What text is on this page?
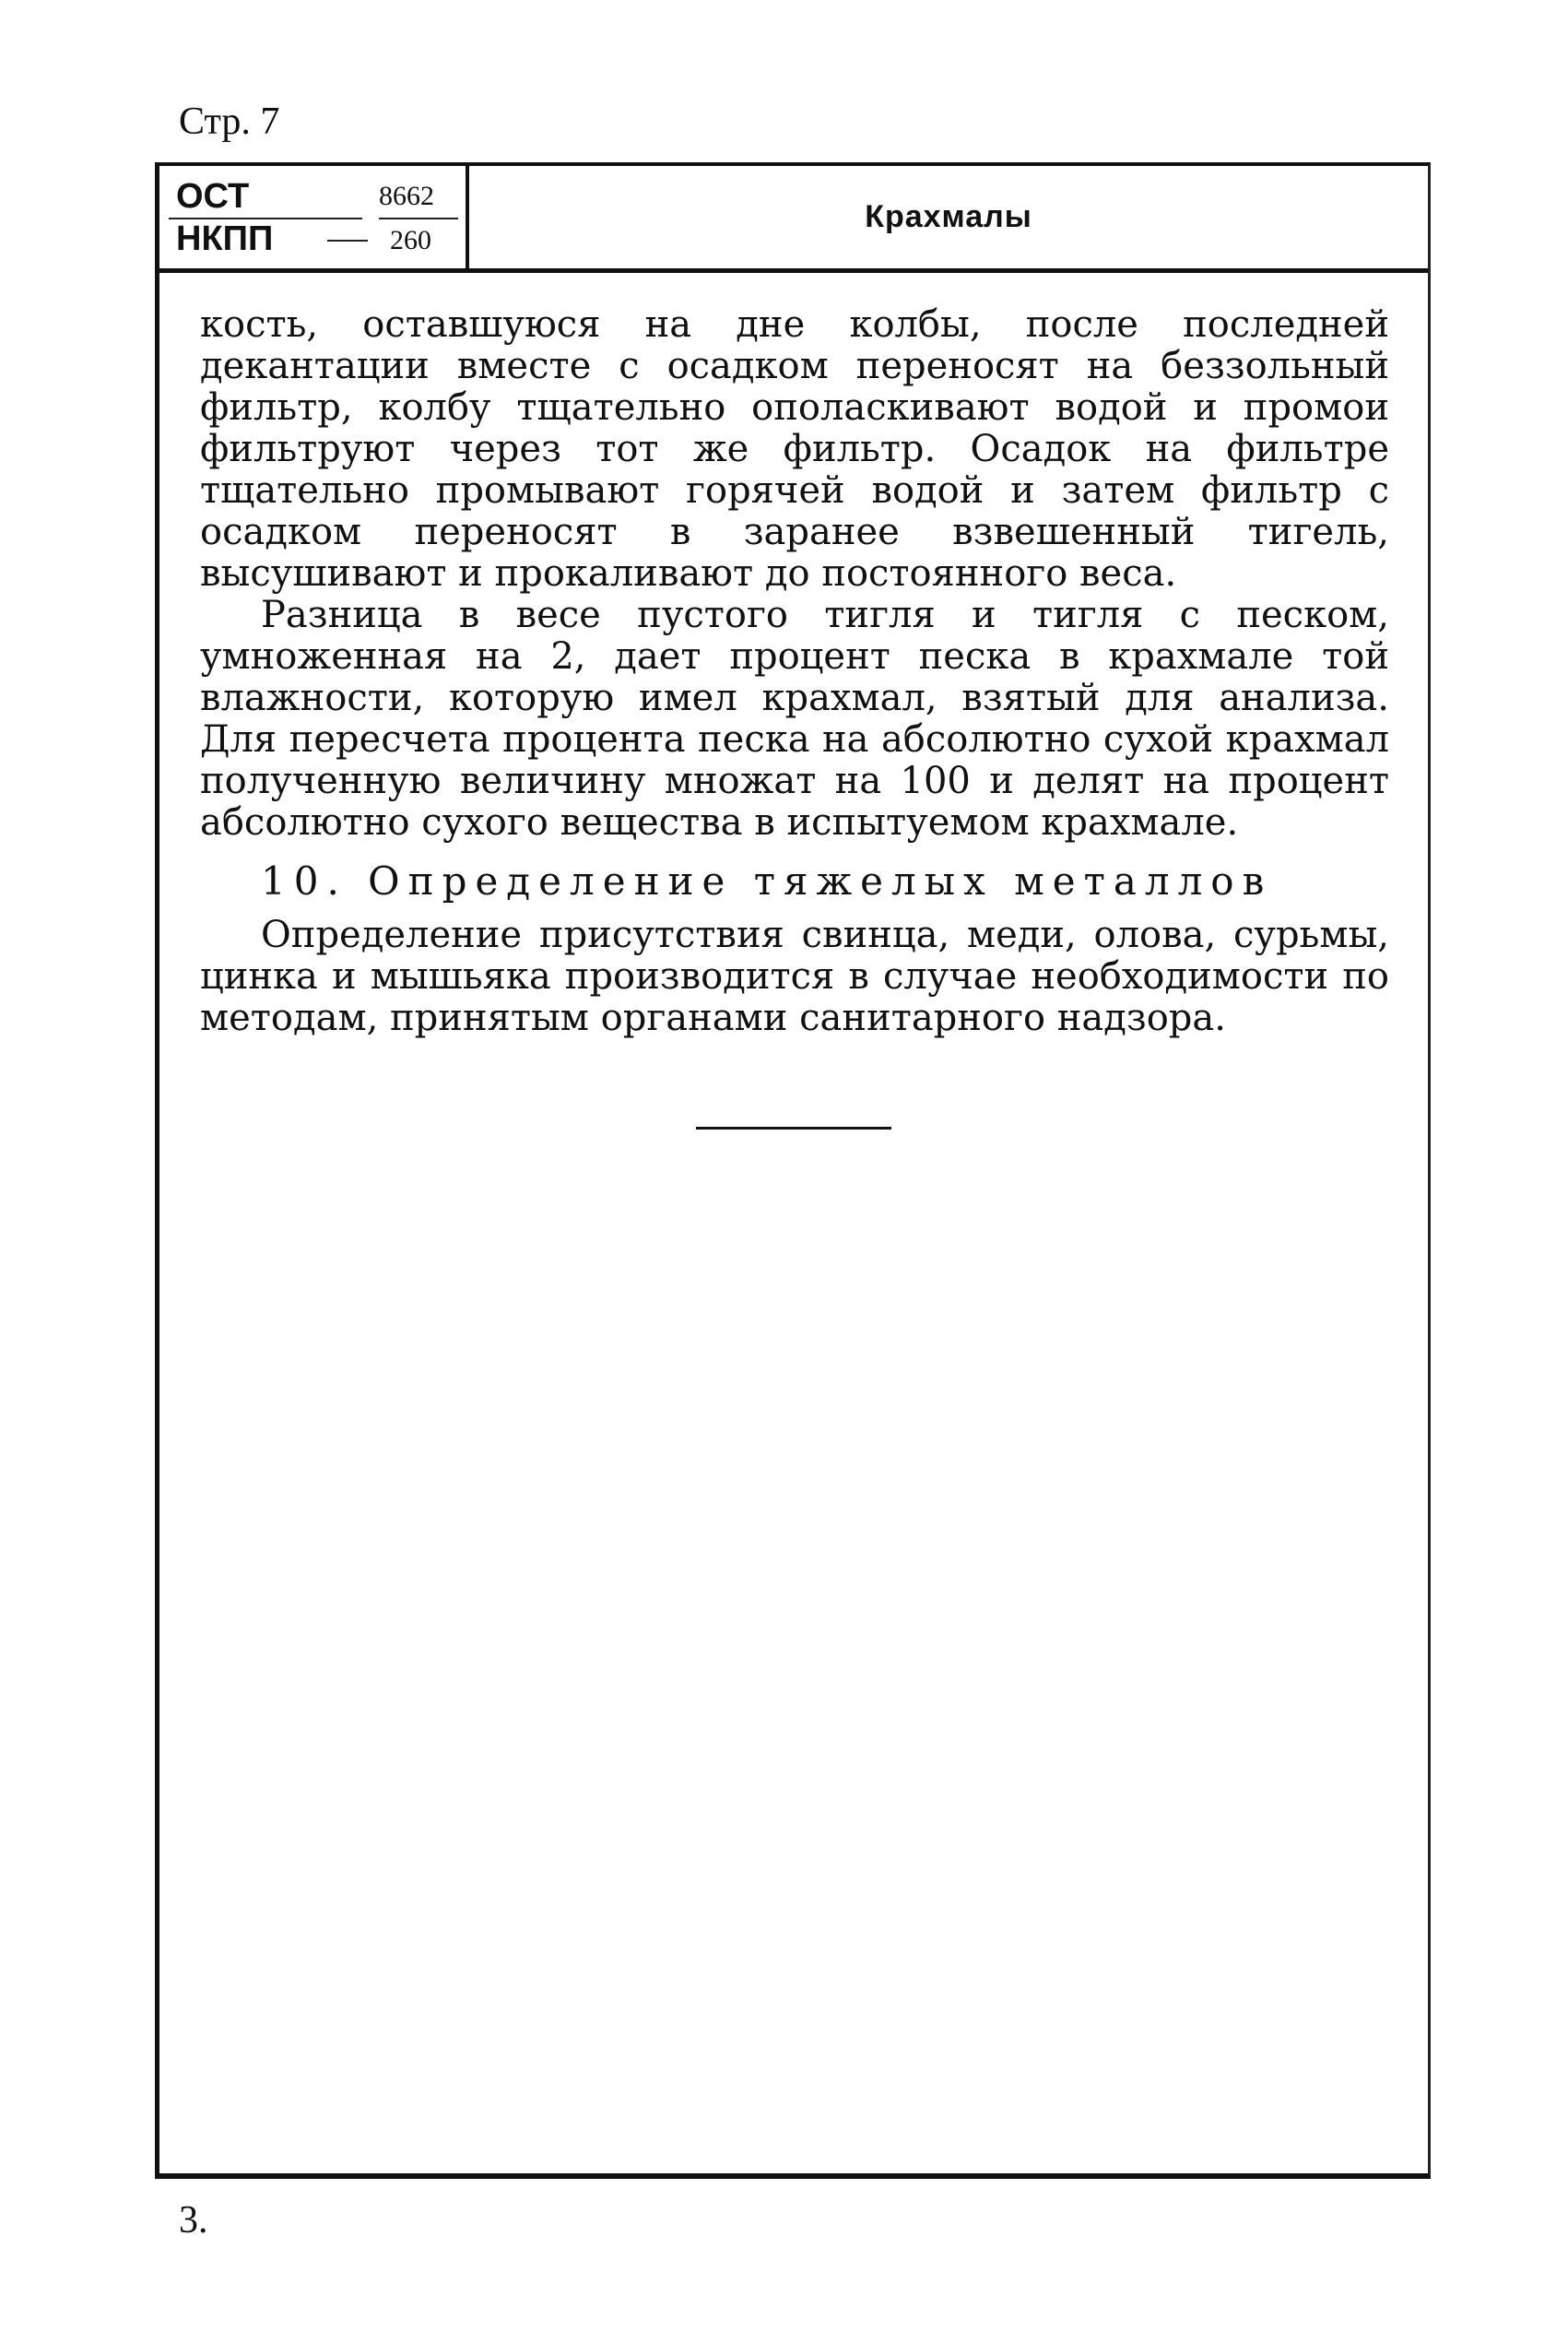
Стр. 7
ОСТ	8662
НКПП	260
Крахмалы

кость, оставшуюся на дне колбы, после последней декантации вместе с осадком переносят на беззольный фильтр, колбу тщательно ополаскивают водой и промои фильтруют через тот же фильтр. Осадок на фильтре тщательно промывают горячей водой и затем фильтр с осадком переносят в заранее взвешенный тигель, высушивают и прокаливают до постоянного веса.

Разница в весе пустого тигля и тигля с песком, умноженная на 2, дает процент песка в крахмале той влажности, которую имел крахмал, взятый для анализа. Для пересчета процента песка на абсолютно сухой крахмал полученную величину множат на 100 и делят на процент абсолютно сухого вещества в испытуемом крахмале.

10. Определение тяжелых металлов

Определение присутствия свинца, меди, олова, сурьмы, цинка и мышьяка производится в случае необходимости по методам, принятым органами санитарного надзора.

3.
